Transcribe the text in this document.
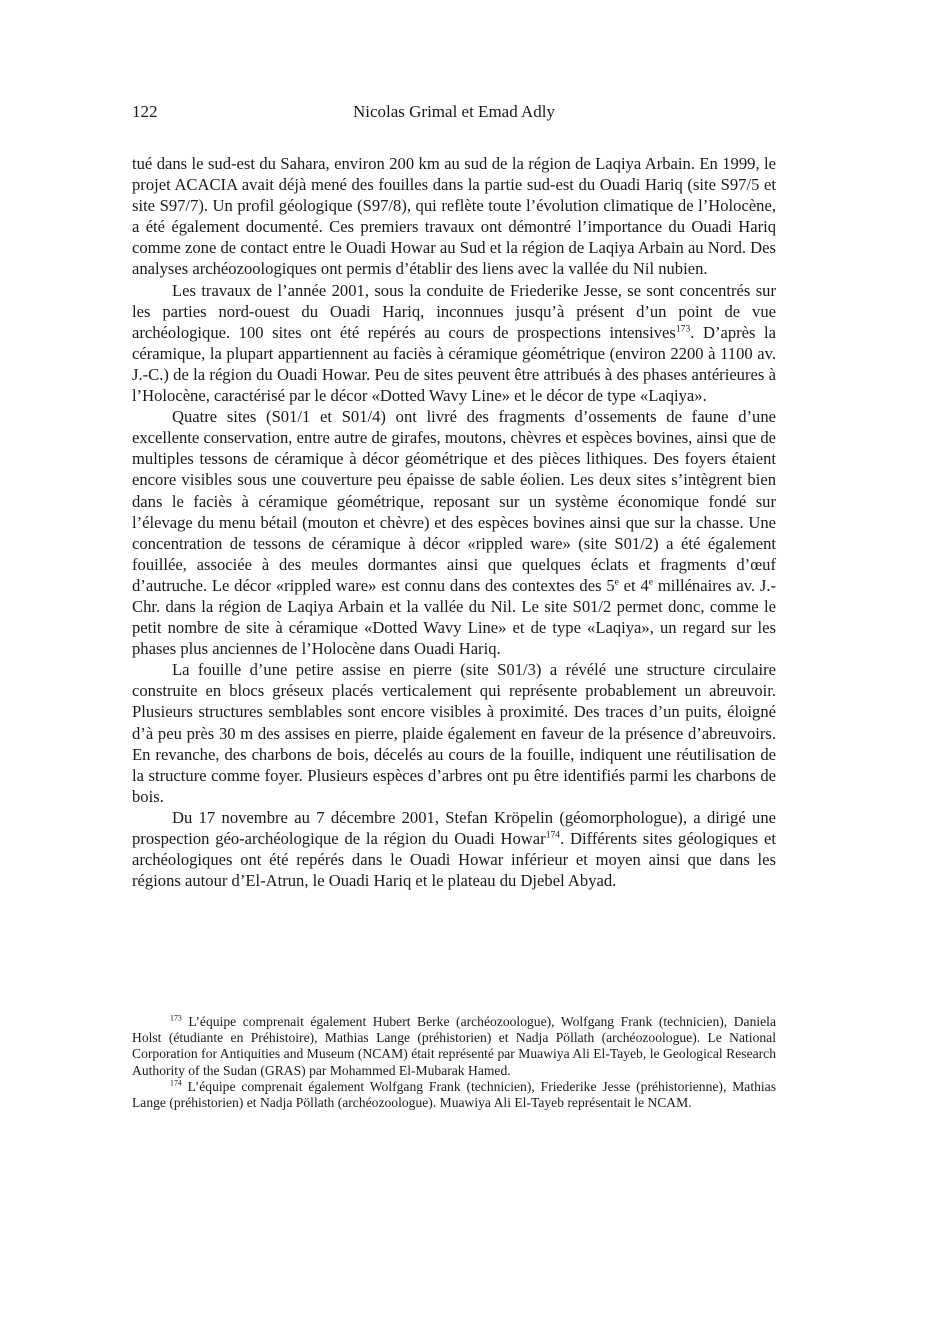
122	Nicolas Grimal et Emad Adly

tué dans le sud-est du Sahara, environ 200 km au sud de la région de Laqiya Arbain. En 1999, le projet ACACIA avait déjà mené des fouilles dans la partie sud-est du Ouadi Hariq (site S97/5 et site S97/7). Un profil géologique (S97/8), qui reflète toute l’évolution climatique de l’Holocène, a été également documenté. Ces premiers travaux ont démontré l’importance du Ouadi Hariq comme zone de contact entre le Ouadi Howar au Sud et la région de Laqiya Arbain au Nord. Des analyses archéozoologiques ont permis d’établir des liens avec la vallée du Nil nubien.

Les travaux de l’année 2001, sous la conduite de Friederike Jesse, se sont concentrés sur les parties nord-ouest du Ouadi Hariq, inconnues jusqu’à présent d’un point de vue archéologique. 100 sites ont été repérés au cours de prospections intensives$^{173}$. D’après la céramique, la plupart appartiennent au faciès à céramique géométrique (environ 2200 à 1100 av. J.-C.) de la région du Ouadi Howar. Peu de sites peuvent être attribués à des phases antérieures à l’Holocène, caractérisé par le décor «Dotted Wavy Line» et le décor de type «Laqiya».

Quatre sites (S01/1 et S01/4) ont livré des fragments d’ossements de faune d’une excellente conservation, entre autre de girafes, moutons, chèvres et espèces bovines, ainsi que de multiples tessons de céramique à décor géométrique et des pièces lithiques. Des foyers étaient encore visibles sous une couverture peu épaisse de sable éolien. Les deux sites s’intègrent bien dans le faciès à céramique géométrique, reposant sur un système économique fondé sur l’élevage du menu bétail (mouton et chèvre) et des espèces bovines ainsi que sur la chasse. Une concentration de tessons de céramique à décor «rippled ware» (site S01/2) a été également fouillée, associée à des meules dormantes ainsi que quelques éclats et fragments d’œuf d’autruche. Le décor «rippled ware» est connu dans des contextes des 5e et 4e millénaires av. J.-Chr. dans la région de Laqiya Arbain et la vallée du Nil. Le site S01/2 permet donc, comme le petit nombre de site à céramique «Dotted Wavy Line» et de type «Laqiya», un regard sur les phases plus anciennes de l’Holocène dans Ouadi Hariq.

La fouille d’une petire assise en pierre (site S01/3) a révélé une structure circulaire construite en blocs gréseux placés verticalement qui représente probablement un abreuvoir. Plusieurs structures semblables sont encore visibles à proximité. Des traces d’un puits, éloigné d’à peu près 30 m des assises en pierre, plaide également en faveur de la présence d’abreuvoirs. En revanche, des charbons de bois, décelés au cours de la fouille, indiquent une réutilisation de la structure comme foyer. Plusieurs espèces d’arbres ont pu être identifiés parmi les charbons de bois.

Du 17 novembre au 7 décembre 2001, Stefan Kröpelin (géomorphologue), a dirigé une prospection géo-archéologique de la région du Ouadi Howar$^{174}$. Différents sites géologiques et archéologiques ont été repérés dans le Ouadi Howar inférieur et moyen ainsi que dans les régions autour d’El-Atrun, le Ouadi Hariq et le plateau du Djebel Abyad.

$^{173}$ L’équipe comprenait également Hubert Berke (archéozoologue), Wolfgang Frank (technicien), Daniela Holst (étudiante en Préhistoire), Mathias Lange (préhistorien) et Nadja Pöllath (archéozoologue). Le National Corporation for Antiquities and Museum (NCAM) était représenté par Muawiya Ali El-Tayeb, le Geological Research Authority of the Sudan (GRAS) par Mohammed El-Mubarak Hamed.

$^{174}$ L’équipe comprenait également Wolfgang Frank (technicien), Friederike Jesse (préhistorienne), Mathias Lange (préhistorien) et Nadja Pöllath (archéozoologue). Muawiya Ali El-Tayeb représentait le NCAM.
